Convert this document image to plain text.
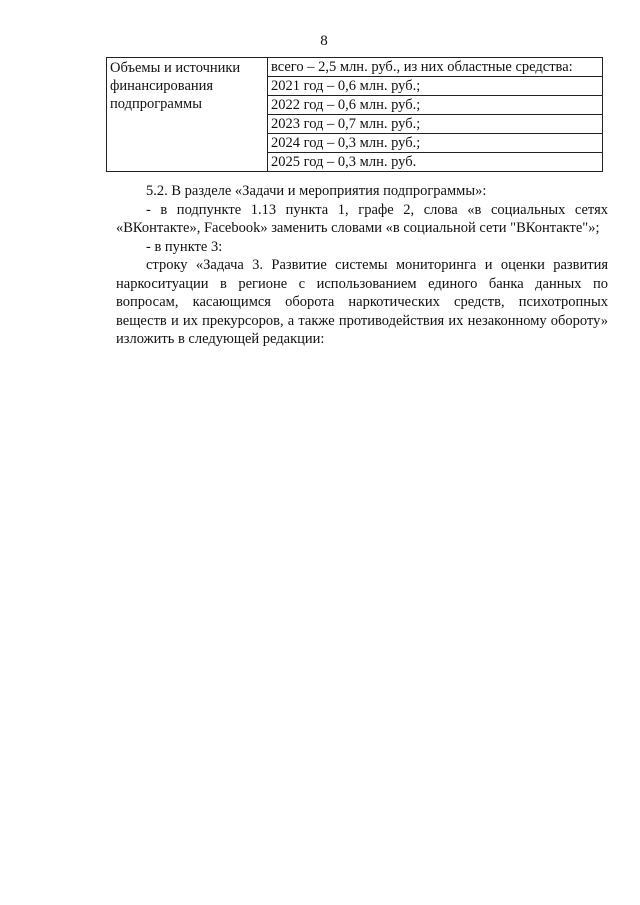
8
Объемы и источники финансирования подпрограммы	
всего – 2,5 млн. руб., из них областные средства:
2021 год – 0,6 млн. руб.;
2022 год – 0,6 млн. руб.;
2023 год – 0,7 млн. руб.;
2024 год – 0,3 млн. руб.;
2025 год – 0,3 млн. руб.

5.2. В разделе «Задачи и мероприятия подпрограммы»:

- в подпункте 1.13 пункта 1, графе 2, слова «в социальных сетях «ВКонтакте», Facebook» заменить словами «в социальной сети "ВКонтакте"»;

- в пункте 3:

строку «Задача 3. Развитие системы мониторинга и оценки развития наркоситуации в регионе с использованием единого банка данных по вопросам, касающимся оборота наркотических средств, психотропных веществ и их прекурсоров, а также противодействия их незаконному обороту» изложить в следующей редакции:
